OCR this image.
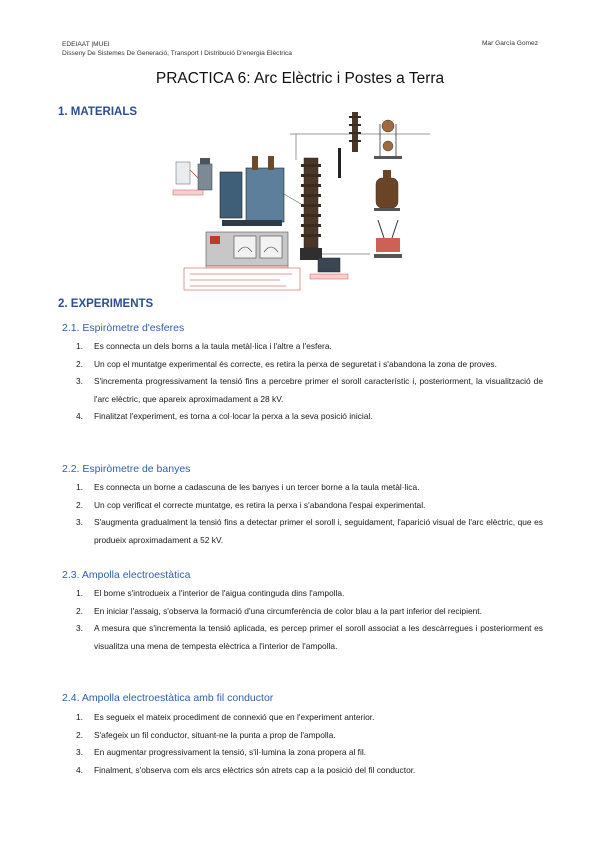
EDEIAAT |MUEI
Disseny De Sistemes De Generació, Transport I Distribució D'energia Elèctrica
Mar García Gomez
PRACTICA 6: Arc Elèctric i Postes a Terra
1. MATERIALS
2. EXPERIMENTS
2.1. Espiròmetre d'esferes
1. Es connecta un dels borns a la taula metàl·lica i l'altre a l'esfera.
2. Un cop el muntatge experimental és correcte, es retira la perxa de seguretat i s'abandona la zona de proves.
3. S'incrementa progressivament la tensió fins a percebre primer el soroll característic i, posteriorment, la visualització de l'arc elèctric, que apareix aproximadament a 28 kV.
4. Finalitzat l'experiment, es torna a col·locar la perxa a la seva posició inicial.
2.2. Espiròmetre de banyes
1. Es connecta un borne a cadascuna de les banyes i un tercer borne a la taula metàl·lica.
2. Un cop verificat el correcte muntatge, es retira la perxa i s'abandona l'espai experimental.
3. S'augmenta gradualment la tensió fins a detectar primer el soroll i, seguidament, l'aparició visual de l'arc elèctric, que es produeix aproximadament a 52 kV.
2.3. Ampolla electroestàtica
1. El borne s'introdueix a l'interior de l'aigua continguda dins l'ampolla.
2. En iniciar l'assaig, s'observa la formació d'una circumferència de color blau a la part inferior del recipient.
3. A mesura que s'incrementa la tensió aplicada, es percep primer el soroll associat a les descàrregues i posteriorment es visualitza una mena de tempesta elèctrica a l'interior de l'ampolla.
2.4. Ampolla electroestàtica amb fil conductor
1. Es segueix el mateix procediment de connexió que en l'experiment anterior.
2. S'afegeix un fil conductor, situant-ne la punta a prop de l'ampolla.
3. En augmentar progressivament la tensió, s'il·lumina la zona propera al fil.
4. Finalment, s'observa com els arcs elèctrics són atrets cap a la posició del fil conductor.
